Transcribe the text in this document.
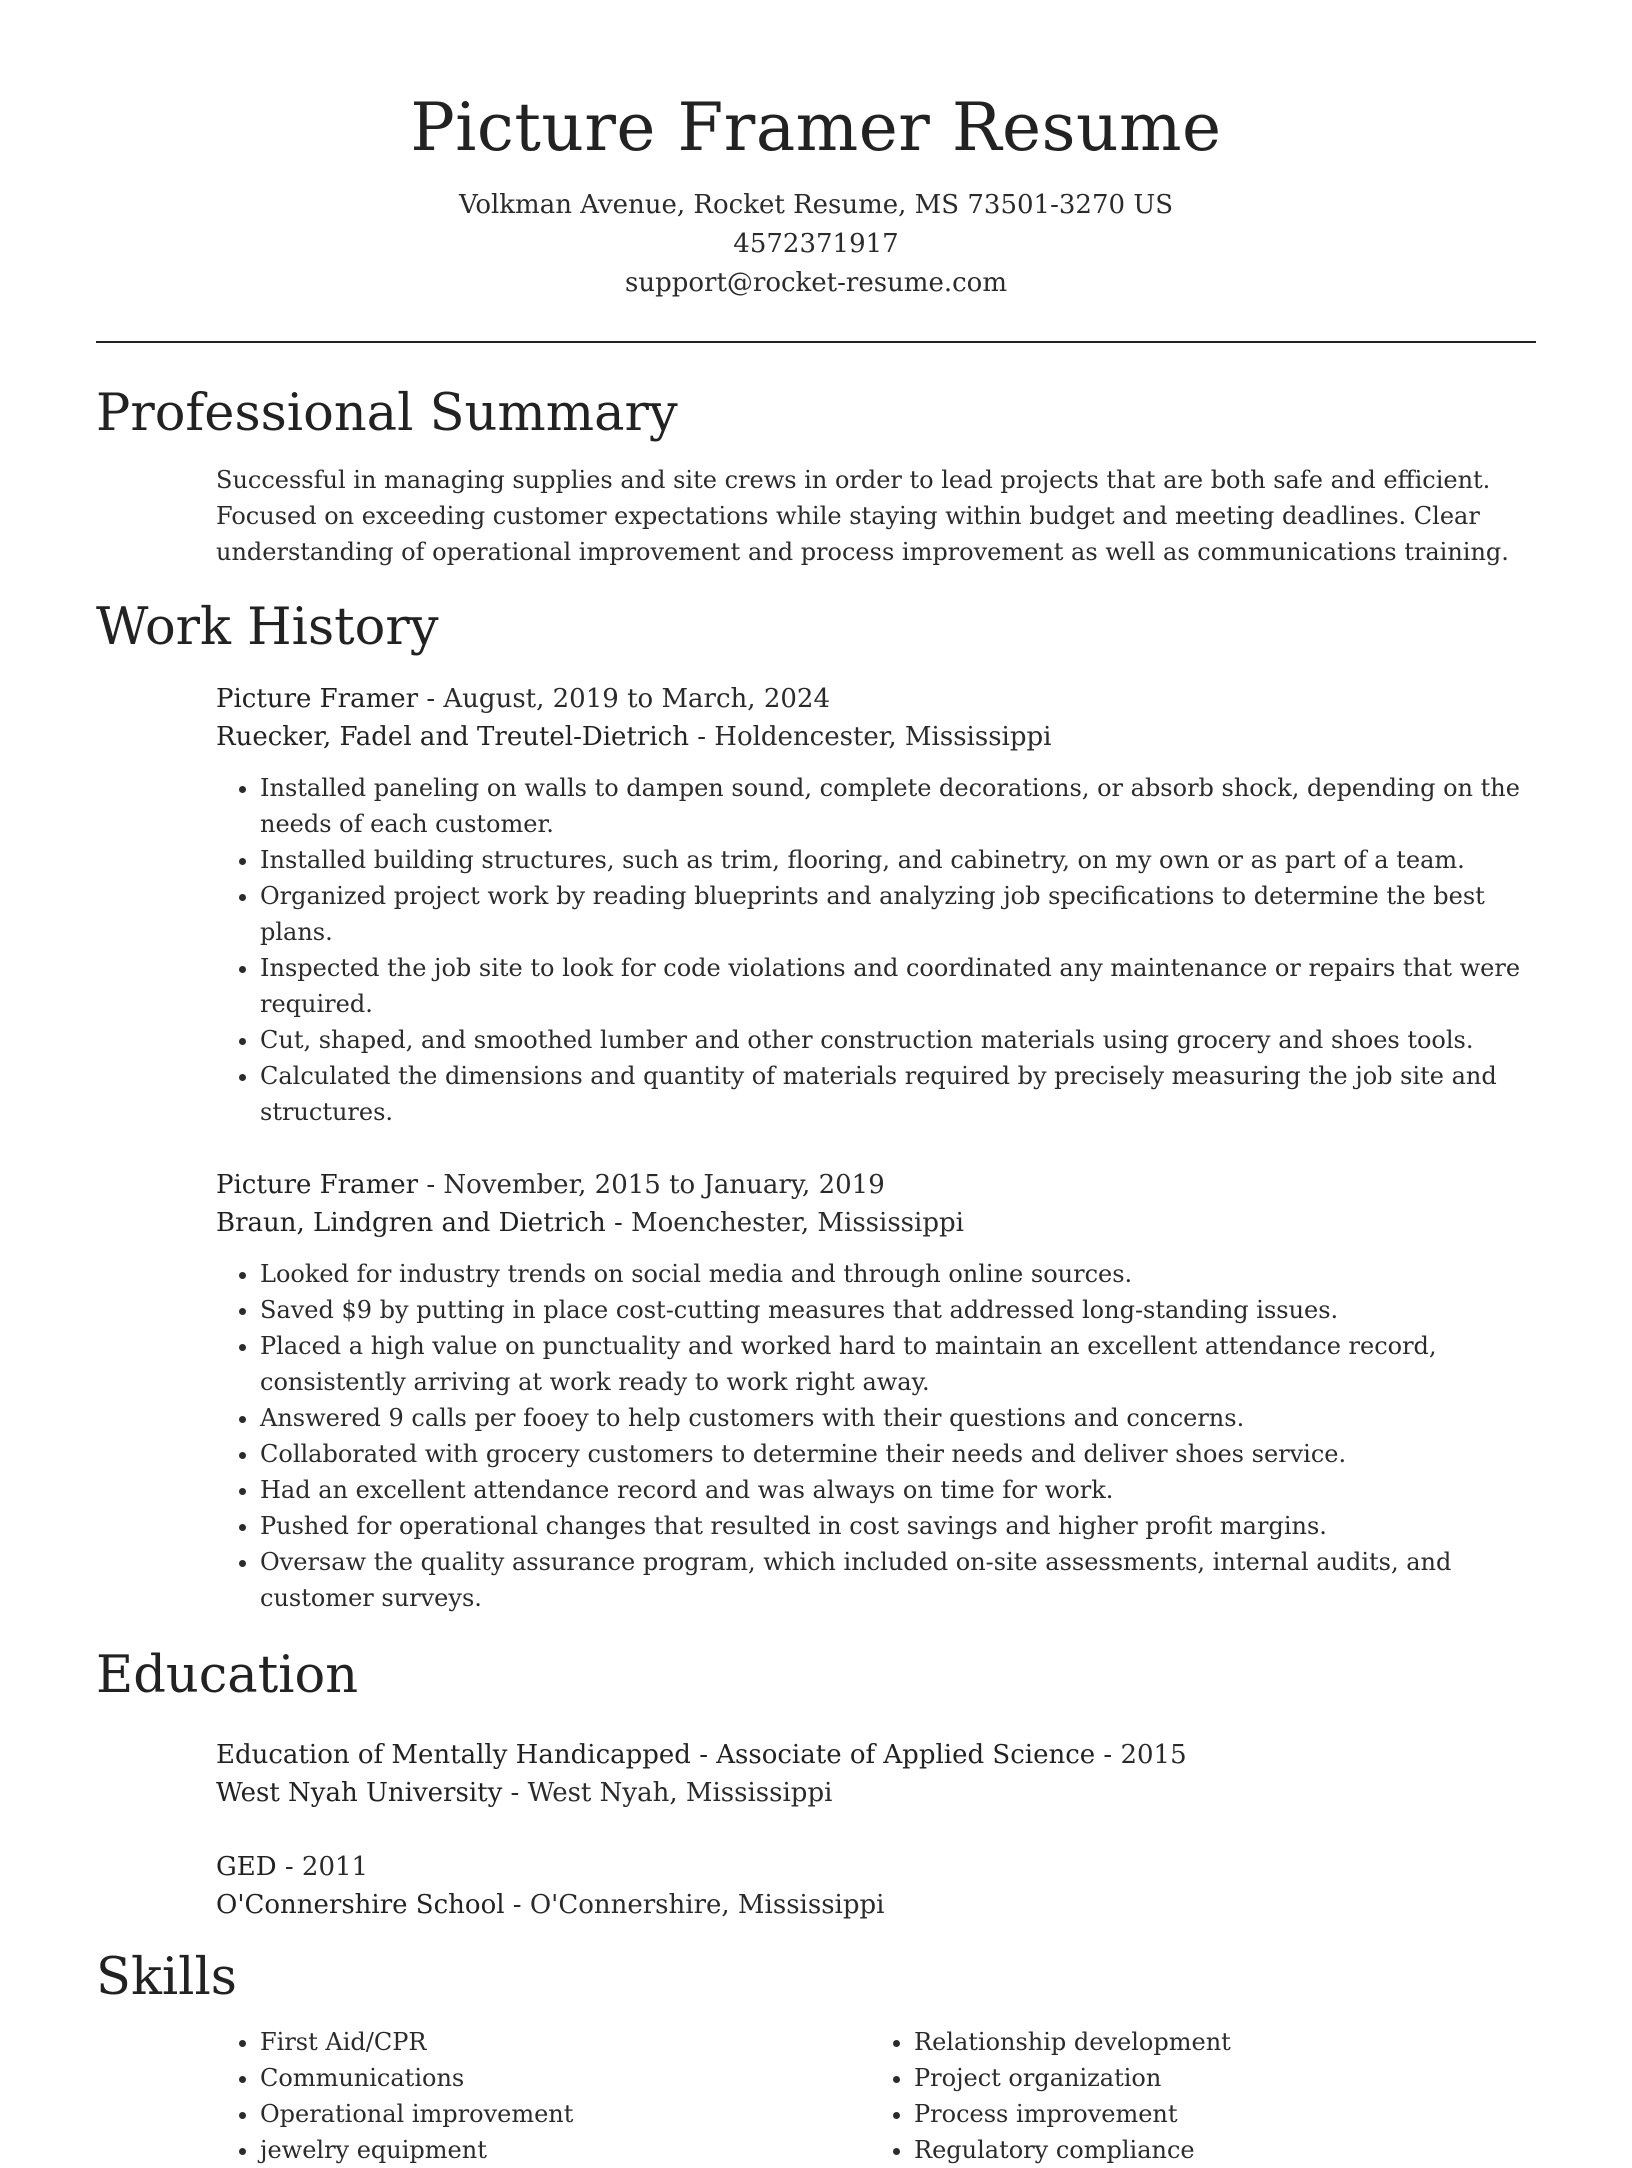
Picture Framer Resume
Volkman Avenue, Rocket Resume, MS 73501-3270 US
4572371917
support@rocket-resume.com
Professional Summary

Successful in managing supplies and site crews in order to lead projects that are both safe and efficient. Focused on exceeding customer expectations while staying within budget and meeting deadlines. Clear understanding of operational improvement and process improvement as well as communications training.

Work History
Picture Framer - August, 2019 to March, 2024
Ruecker, Fadel and Treutel-Dietrich - Holdencester, Mississippi
• Installed paneling on walls to dampen sound, complete decorations, or absorb shock, depending on the needs of each customer.
• Installed building structures, such as trim, flooring, and cabinetry, on my own or as part of a team.
• Organized project work by reading blueprints and analyzing job specifications to determine the best plans.
• Inspected the job site to look for code violations and coordinated any maintenance or repairs that were required.
• Cut, shaped, and smoothed lumber and other construction materials using grocery and shoes tools.
• Calculated the dimensions and quantity of materials required by precisely measuring the job site and structures.
Picture Framer - November, 2015 to January, 2019
Braun, Lindgren and Dietrich - Moenchester, Mississippi
• Looked for industry trends on social media and through online sources.
• Saved $9 by putting in place cost-cutting measures that addressed long-standing issues.
• Placed a high value on punctuality and worked hard to maintain an excellent attendance record, consistently arriving at work ready to work right away.
• Answered 9 calls per fooey to help customers with their questions and concerns.
• Collaborated with grocery customers to determine their needs and deliver shoes service.
• Had an excellent attendance record and was always on time for work.
• Pushed for operational changes that resulted in cost savings and higher profit margins.
• Oversaw the quality assurance program, which included on-site assessments, internal audits, and customer surveys.
Education
Education of Mentally Handicapped - Associate of Applied Science - 2015
West Nyah University - West Nyah, Mississippi
GED - 2011
O'Connershire School - O'Connershire, Mississippi
Skills
• First Aid/CPR
• Communications
• Operational improvement
• jewelry equipment
• Relationship development
• Project organization
• Process improvement
• Regulatory compliance
